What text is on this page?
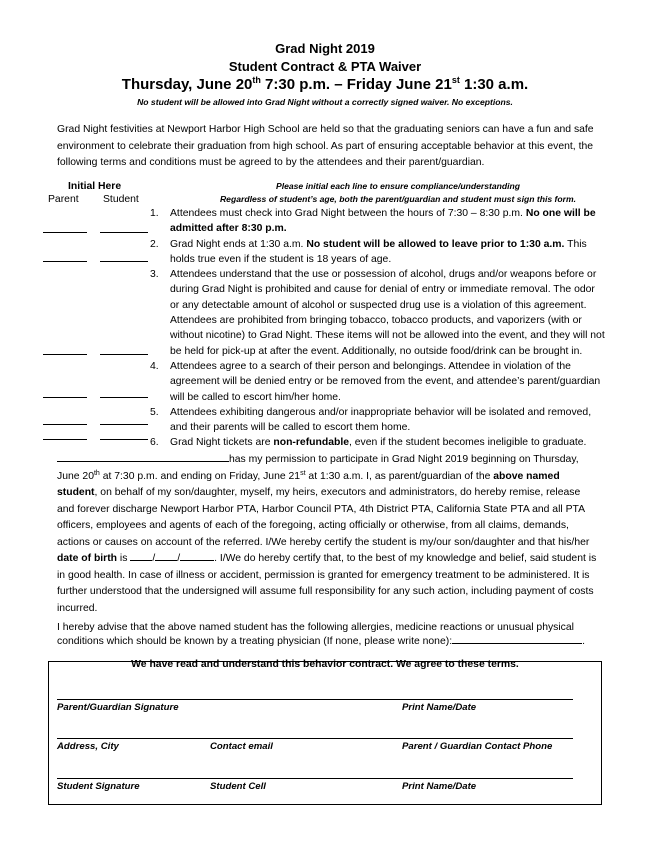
Grad Night 2019
Student Contract & PTA Waiver
Thursday, June 20th 7:30 p.m. – Friday June 21st 1:30 a.m.
No student will be allowed into Grad Night without a correctly signed waiver. No exceptions.
Grad Night festivities at Newport Harbor High School are held so that the graduating seniors can have a fun and safe environment to celebrate their graduation from high school. As part of ensuring acceptable behavior at this event, the following terms and conditions must be agreed to by the attendees and their parent/guardian.
Initial Here
Parent Student
Please initial each line to ensure compliance/understanding
Regardless of student’s age, both the parent/guardian and student must sign this form.
1.	Attendees must check into Grad Night between the hours of 7:30 – 8:30 p.m. No one will be admitted after 8:30 p.m.
2.	Grad Night ends at 1:30 a.m. No student will be allowed to leave prior to 1:30 a.m. This holds true even if the student is 18 years of age.
3.	Attendees understand that the use or possession of alcohol, drugs and/or weapons before or during Grad Night is prohibited and cause for denial of entry or immediate removal. The odor or any detectable amount of alcohol or suspected drug use is a violation of this agreement. Attendees are prohibited from bringing tobacco, tobacco products, and vaporizers (with or without nicotine) to Grad Night. These items will not be allowed into the event, and they will not be held for pick-up at after the event. Additionally, no outside food/drink can be brought in.
4.	Attendees agree to a search of their person and belongings. Attendee in violation of the agreement will be denied entry or be removed from the event, and attendee’s parent/guardian will be called to escort him/her home.
5.	Attendees exhibiting dangerous and/or inappropriate behavior will be isolated and removed, and their parents will be called to escort them home.
6.	Grad Night tickets are non-refundable, even if the student becomes ineligible to graduate.
has my permission to participate in Grad Night 2019 beginning on Thursday, June 20th at 7:30 p.m. and ending on Friday, June 21st at 1:30 a.m. I, as parent/guardian of the above named student, on behalf of my son/daughter, myself, my heirs, executors and administrators, do hereby remise, release and forever discharge Newport Harbor PTA, Harbor Council PTA, 4th District PTA, California State PTA and all PTA officers, employees and agents of each of the foregoing, acting officially or otherwise, from all claims, demands, actions or causes on account of the referred. I/We hereby certify the student is my/our son/daughter and that his/her date of birth is / /	. I/We do hereby certify that, to the best of my knowledge and belief, said student is in good health. In case of illness or accident, permission is granted for emergency treatment to be administered. It is further understood that the undersigned will assume full responsibility for any such action, including payment of costs incurred.
I hereby advise that the above named student has the following allergies, medicine reactions or unusual physical conditions which should be known by a treating physician (If none, please write none):	.
We have read and understand this behavior contract. We agree to these terms.
Parent/Guardian Signature	Print Name/Date
Address, City	Contact email	Parent / Guardian Contact Phone
Student Signature	Student Cell	Print Name/Date
